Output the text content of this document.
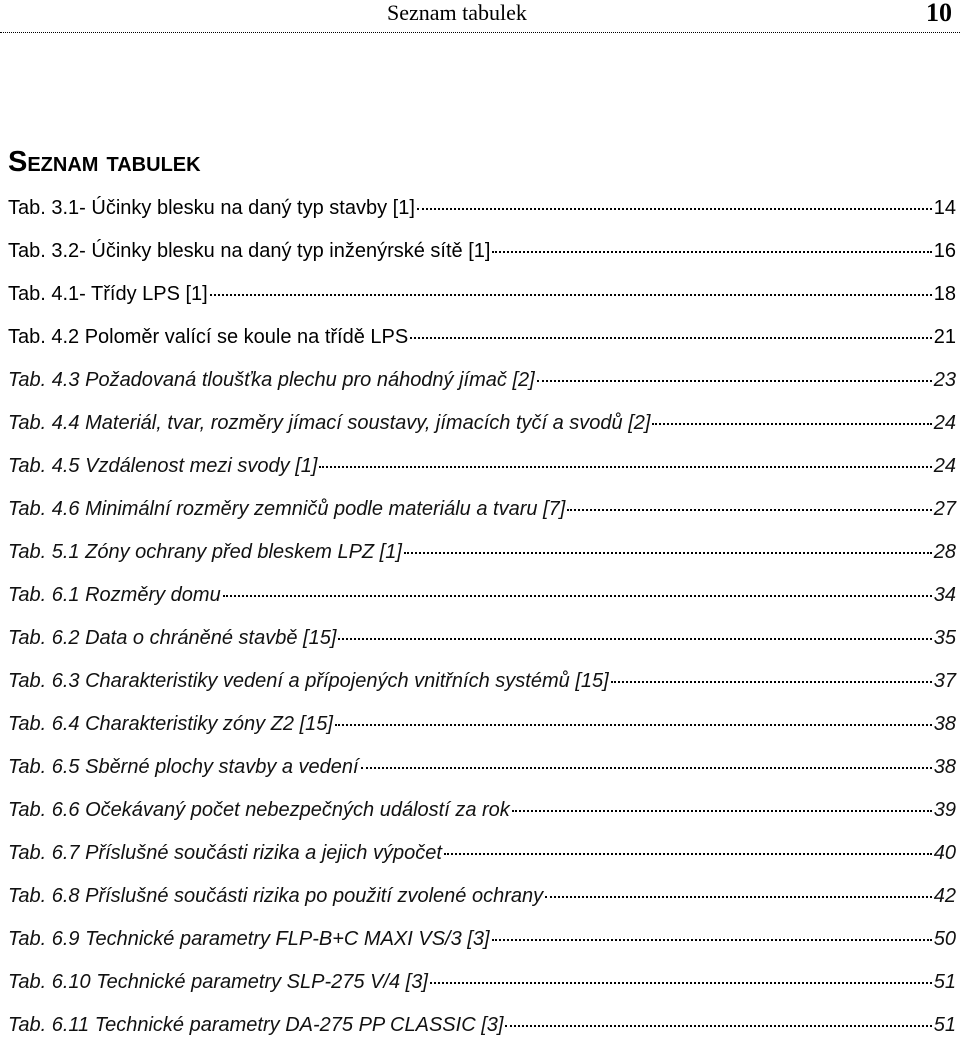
Seznam tabulek	10
Seznam tabulek
Tab. 3.1- Účinky blesku na daný typ stavby [1]	14
Tab. 3.2- Účinky blesku na daný typ inženýrské sítě [1]	16
Tab. 4.1- Třídy LPS [1]	18
Tab. 4.2 Poloměr valící se koule na třídě LPS	21
Tab. 4.3 Požadovaná tloušťka plechu pro náhodný jímač [2]	23
Tab. 4.4 Materiál, tvar, rozměry jímací soustavy, jímacích tyčí a svodů [2]	24
Tab. 4.5 Vzdálenost mezi svody [1]	24
Tab. 4.6 Minimální rozměry zemničů podle materiálu a tvaru [7]	27
Tab. 5.1 Zóny ochrany před bleskem LPZ [1]	28
Tab. 6.1 Rozměry domu	34
Tab. 6.2 Data o chráněné stavbě [15]	35
Tab. 6.3 Charakteristiky vedení a přípojených vnitřních systémů [15]	37
Tab. 6.4 Charakteristiky zóny Z2 [15]	38
Tab. 6.5 Sběrné plochy stavby a vedení	38
Tab. 6.6 Očekávaný počet nebezpečných událostí za rok	39
Tab. 6.7 Příslušné součásti rizika a jejich výpočet	40
Tab. 6.8 Příslušné součásti rizika po použití zvolené ochrany	42
Tab. 6.9 Technické parametry FLP-B+C MAXI VS/3 [3]	50
Tab. 6.10 Technické parametry SLP-275 V/4 [3]	51
Tab. 6.11 Technické parametry DA-275 PP CLASSIC [3]	51
